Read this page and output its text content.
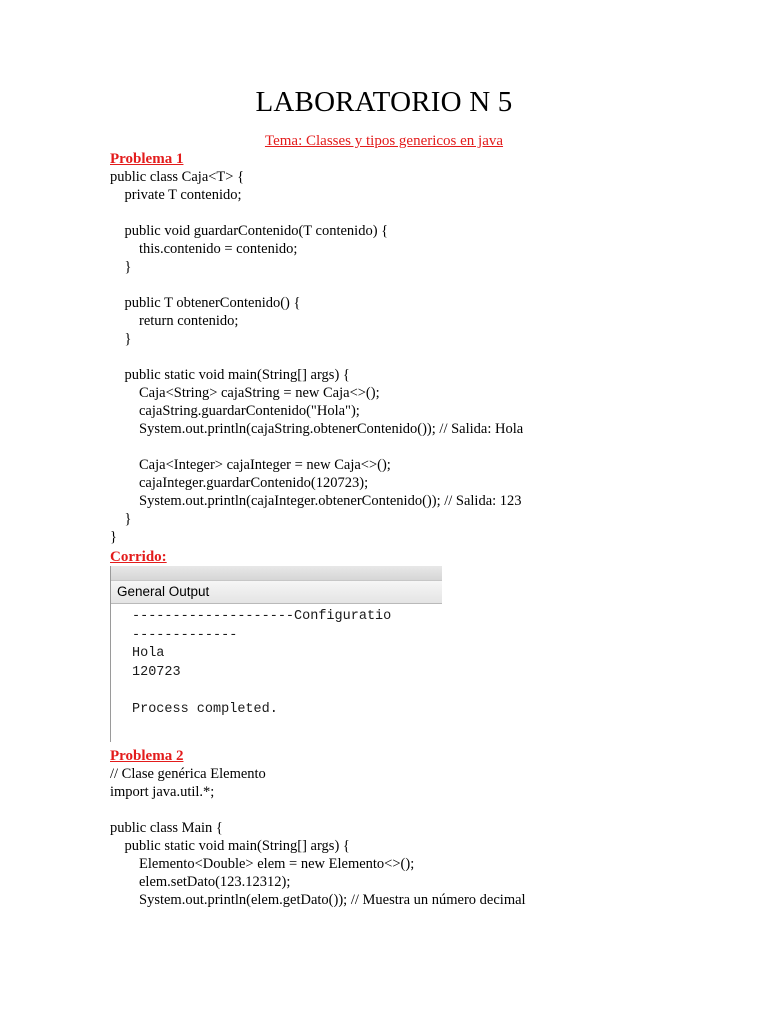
LABORATORIO N 5
Tema: Classes y tipos genericos en java
Problema 1
public class Caja<T> {
private T contenido;
public void guardarContenido(T contenido) {
this.contenido = contenido;
}
public T obtenerContenido() {
return contenido;
}
public static void main(String[] args) {
Caja<String> cajaString = new Caja<>();
cajaString.guardarContenido("Hola");
System.out.println(cajaString.obtenerContenido()); // Salida: Hola
Caja<Integer> cajaInteger = new Caja<>();
cajaInteger.guardarContenido(120723);
System.out.println(cajaInteger.obtenerContenido()); // Salida: 123
}
}
Corrido:
General Output
--------------------Configuratio
-------------
Hola
120723
Process completed.
Problema 2
// Clase genérica Elemento
import java.util.*;
public class Main {
public static void main(String[] args) {
Elemento<Double> elem = new Elemento<>();
elem.setDato(123.12312);
System.out.println(elem.getDato()); // Muestra un número decimal
